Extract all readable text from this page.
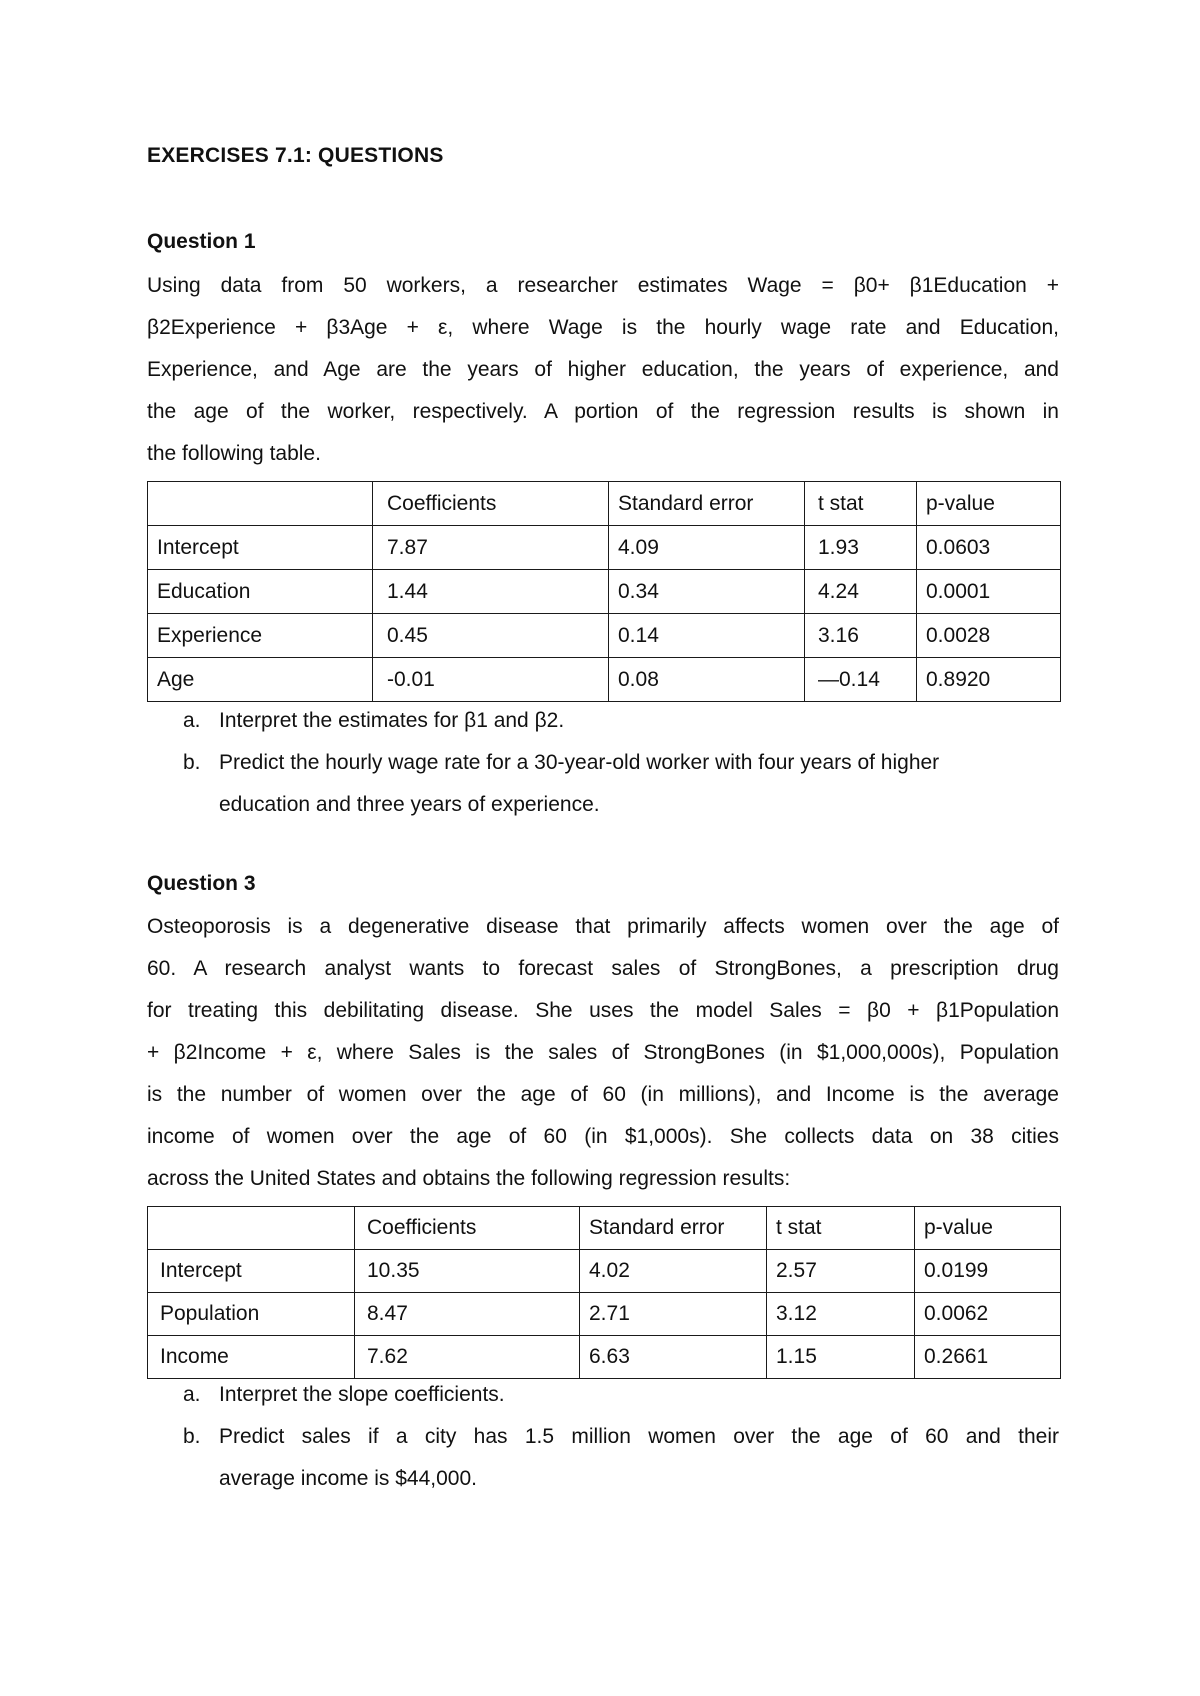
EXERCISES 7.1: QUESTIONS
Question 1
Using data from 50 workers, a researcher estimates Wage = β0+ β1Education +
β2Experience + β3Age + ε, where Wage is the hourly wage rate and Education,
Experience, and Age are the years of higher education, the years of experience, and
the age of the worker, respectively. A portion of the regression results is shown in
the following table.
	Coefficients	Standard error	t stat	p-value
Intercept	7.87	4.09	1.93	0.0603
Education	1.44	0.34	4.24	0.0001
Experience	0.45	0.14	3.16	0.0028
Age	-0.01	0.08	—0.14	0.8920
a. Interpret the estimates for β1 and β2.
b. Predict the hourly wage rate for a 30-year-old worker with four years of higher
education and three years of experience.
Question 3
Osteoporosis is a degenerative disease that primarily affects women over the age of
60. A research analyst wants to forecast sales of StrongBones, a prescription drug
for treating this debilitating disease. She uses the model Sales = β0 + β1Population
+ β2Income + ε, where Sales is the sales of StrongBones (in $1,000,000s), Population
is the number of women over the age of 60 (in millions), and Income is the average
income of women over the age of 60 (in $1,000s). She collects data on 38 cities
across the United States and obtains the following regression results:
	Coefficients	Standard error	t stat	p-value
Intercept	10.35	4.02	2.57	0.0199
Population	8.47	2.71	3.12	0.0062
Income	7.62	6.63	1.15	0.2661
a. Interpret the slope coefficients.
b. Predict sales if a city has 1.5 million women over the age of 60 and their
average income is $44,000.
